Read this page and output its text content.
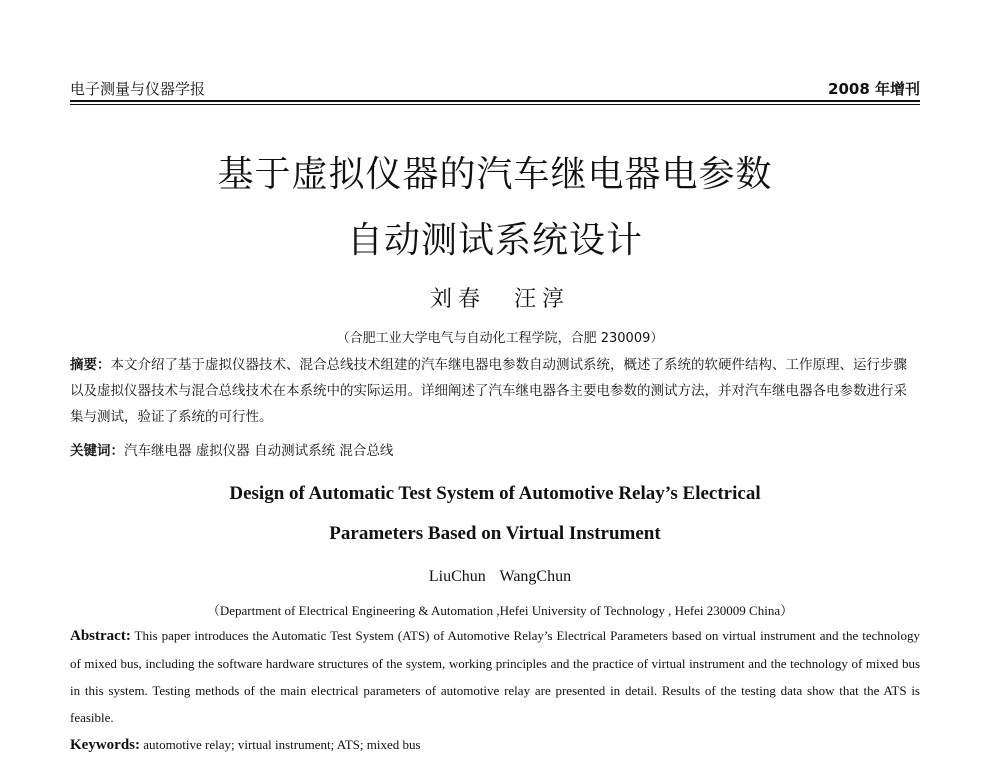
电子测量与仪器学报	2008 年增刊
基于虚拟仪器的汽车继电器电参数
自动测试系统设计
刘春　汪淳
（合肥工业大学电气与自动化工程学院，合肥 230009）
摘要：本文介绍了基于虚拟仪器技术、混合总线技术组建的汽车继电器电参数自动测试系统，概述了系统的软硬件结构、工作原理、运行步骤以及虚拟仪器技术与混合总线技术在本系统中的实际运用。详细阐述了汽车继电器各主要电参数的测试方法，并对汽车继电器各电参数进行采集与测试，验证了系统的可行性。
关键词：汽车继电器 虚拟仪器 自动测试系统 混合总线
Design of Automatic Test System of Automotive Relay’s Electrical
Parameters Based on Virtual Instrument
LiuChun WangChun
（Department of Electrical Engineering & Automation ,Hefei University of Technology , Hefei 230009 China）
Abstract: This paper introduces the Automatic Test System (ATS) of Automotive Relay’s Electrical Parameters based on virtual instrument and the technology of mixed bus, including the software hardware structures of the system, working principles and the practice of virtual instrument and the technology of mixed bus in this system. Testing methods of the main electrical parameters of automotive relay are presented in detail. Results of the testing data show that the ATS is feasible.
Keywords: automotive relay; virtual instrument; ATS; mixed bus
